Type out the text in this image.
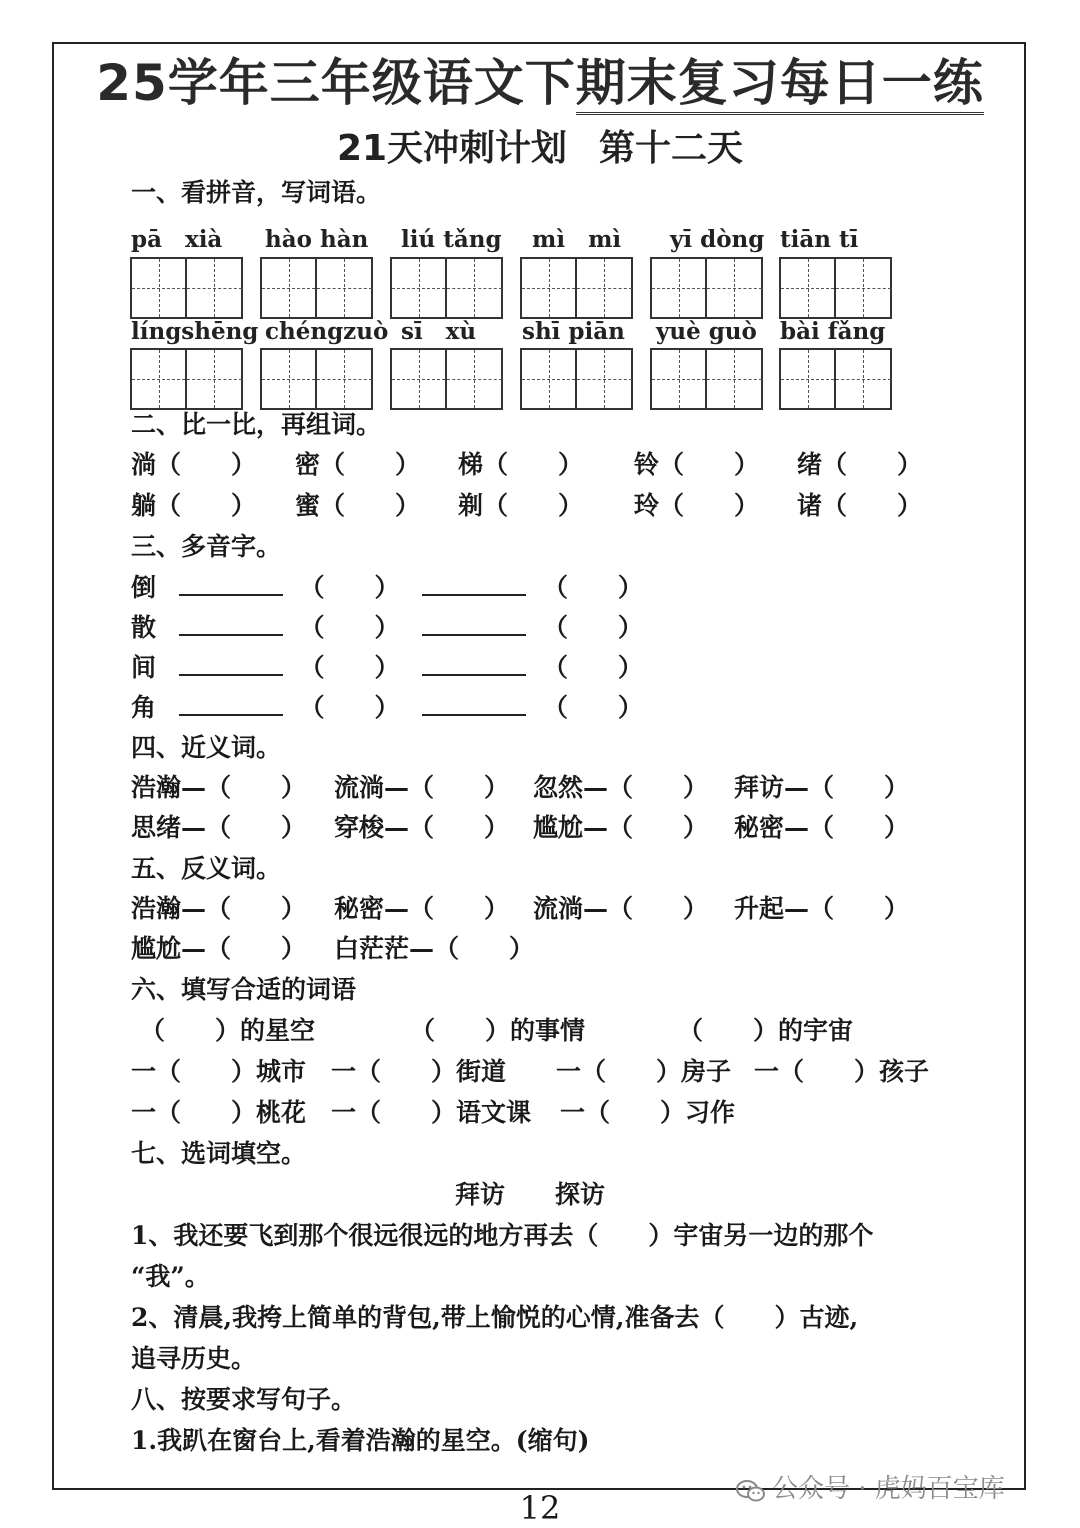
25学年三年级语文下期末复习每日一练
21天冲刺计划 第十二天
一、看拼音，写词语。
pā　xià hào hàn liú tǎng mì　mì yī dòng tiān tī
língshēng chéngzuò sī　xù shī piān yuè guò bài fǎng
二、比一比，再组词。
淌（　　） 密（　　） 梯（　　） 铃（　　） 绪（　　）
躺（　　） 蜜（　　） 剃（　　） 玲（　　） 诸（　　）
三、多音字。
倒	（　　）	（　　）
散	（　　）	（　　）
间	（　　）	（　　）
角	（　　）	（　　）
四、近义词。
浩瀚—（　　） 流淌—（　　） 忽然—（　　） 拜访—（　　）
思绪—（　　） 穿梭—（　　） 尴尬—（　　） 秘密—（　　）
五、反义词。
浩瀚—（　　） 秘密—（　　） 流淌—（　　） 升起—（　　）
尴尬—（　　） 白茫茫—（　　）
六、填写合适的词语
（　　）的星空	（　　）的事情	（　　）的宇宙
一（　　）城市 一（　　）街道 一（　　）房子 一（　　）孩子
一（　　）桃花 一（　　）语文课 一（　　）习作
七、选词填空。
拜访　　探访
1、我还要飞到那个很远很远的地方再去（　　）宇宙另一边的那个
“我”。
2、清晨,我挎上简单的背包,带上愉悦的心情,准备去（　　）古迹,
追寻历史。
八、按要求写句子。
1.我趴在窗台上,看着浩瀚的星空。(缩句)
12	公众号 · 虎妈百宝库
